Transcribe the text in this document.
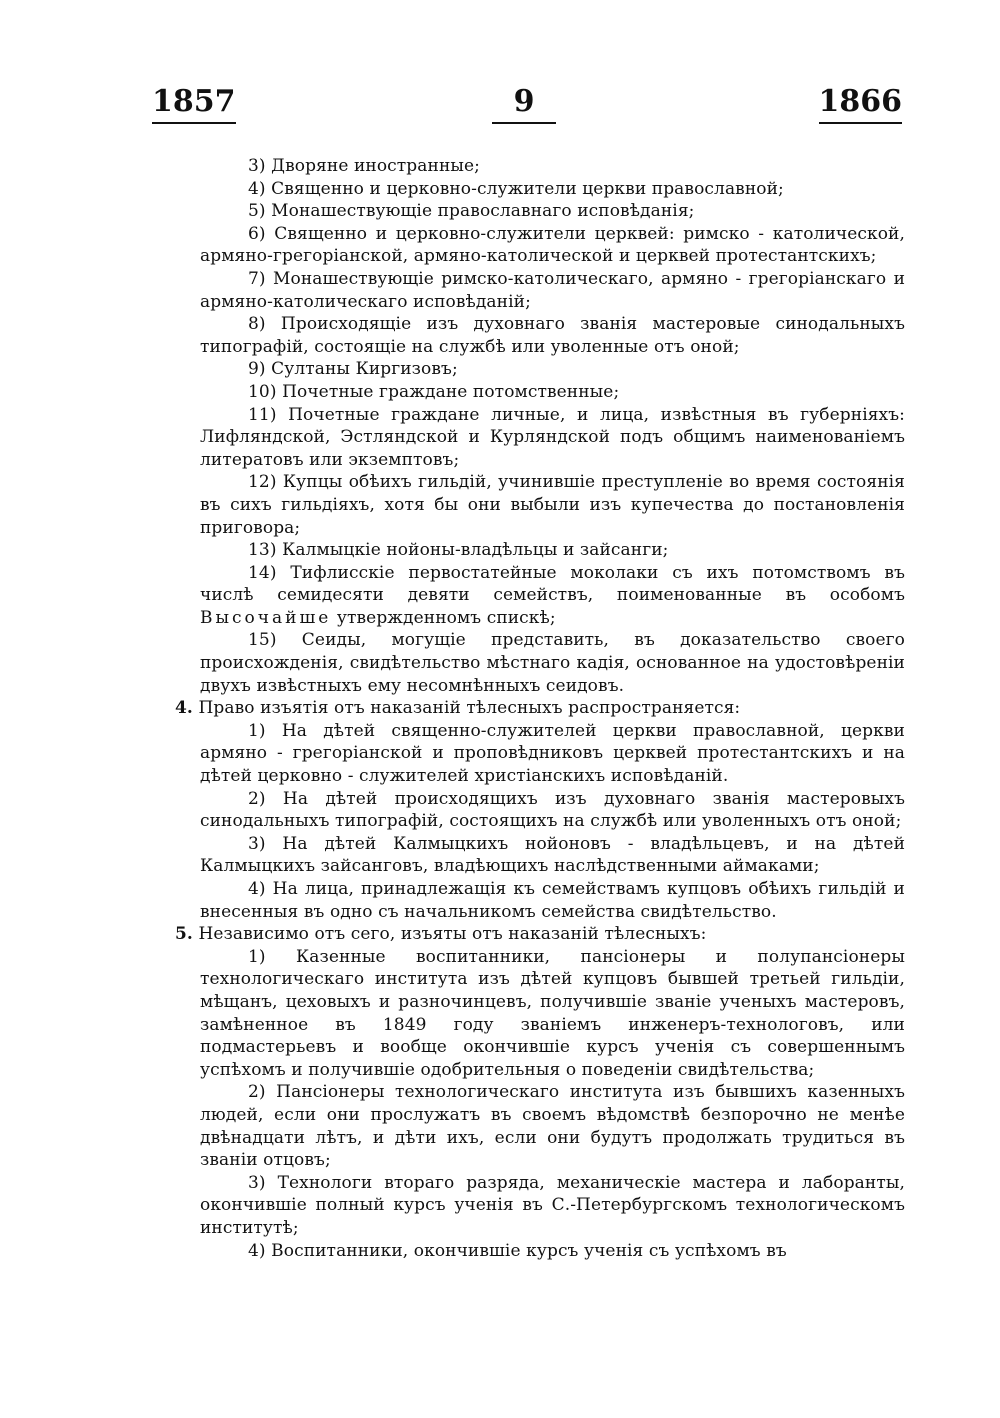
1857	9	1866

3) Дворяне иностранные;

4) Священно и церковно-служители церкви православной;

5) Монашествующіе православнаго исповѣданія;

6) Священно и церковно-служители церквей: римско - католической, армяно-грегоріанской, армяно-католической и церквей протестантскихъ;

7) Монашествующіе римско-католическаго, армяно - грегоріанскаго и армяно-католическаго исповѣданій;

8) Происходящіе изъ духовнаго званія мастеровые синодальныхъ типографій, состоящіе на службѣ или уволенные отъ оной;

9) Султаны Киргизовъ;

10) Почетные граждане потомственные;

11) Почетные граждане личные, и лица, извѣстныя въ губерніяхъ: Лифляндской, Эстляндской и Курляндской подъ общимъ наименованіемъ литератовъ или экземптовъ;

12) Купцы обѣихъ гильдій, учинившіе преступленіе во время состоянія въ сихъ гильдіяхъ, хотя бы они выбыли изъ купечества до постановленія приговора;

13) Калмыцкіе нойоны-владѣльцы и зайсанги;

14) Тифлисскіе первостатейные моколаки съ ихъ потомствомъ въ числѣ семидесяти девяти семействъ, поименованные въ особомъ Высочайше утвержденномъ спискѣ;

15) Сеиды, могущіе представить, въ доказательство своего происхожденія, свидѣтельство мѣстнаго кадія, основанное на удостовѣреніи двухъ извѣстныхъ ему несомнѣнныхъ сеидовъ.

4. Право изъятія отъ наказаній тѣлесныхъ распространяется:

1) На дѣтей священно-служителей церкви православной, церкви армяно - грегоріанской и проповѣдниковъ церквей протестантскихъ и на дѣтей церковно - служителей христіанскихъ исповѣданій.

2) На дѣтей происходящихъ изъ духовнаго званія мастеровыхъ синодальныхъ типографій, состоящихъ на службѣ или уволенныхъ отъ оной;

3) На дѣтей Калмыцкихъ нойоновъ - владѣльцевъ, и на дѣтей Калмыцкихъ зайсанговъ, владѣющихъ наслѣдственными аймаками;

4) На лица, принадлежащія къ семействамъ купцовъ обѣихъ гильдій и внесенныя въ одно съ начальникомъ семейства свидѣтельство.

5. Независимо отъ сего, изъяты отъ наказаній тѣлесныхъ:

1) Казенные воспитанники, пансіонеры и полупансіонеры технологическаго института изъ дѣтей купцовъ бывшей третьей гильдіи, мѣщанъ, цеховыхъ и разночинцевъ, получившіе званіе ученыхъ мастеровъ, замѣненное въ 1849 году званіемъ инженеръ-технологовъ, или подмастерьевъ и вообще окончившіе курсъ ученія съ совершеннымъ успѣхомъ и получившіе одобрительныя о поведеніи свидѣтельства;

2) Пансіонеры технологическаго института изъ бывшихъ казенныхъ людей, если они прослужатъ въ своемъ вѣдомствѣ безпорочно не менѣе двѣнадцати лѣтъ, и дѣти ихъ, если они будутъ продолжать трудиться въ званіи отцовъ;

3) Технологи втораго разряда, механическіе мастера и лаборанты, окончившіе полный курсъ ученія въ С.-Петербургскомъ технологическомъ институтѣ;

4) Воспитанники, окончившіе курсъ ученія съ успѣхомъ въ
